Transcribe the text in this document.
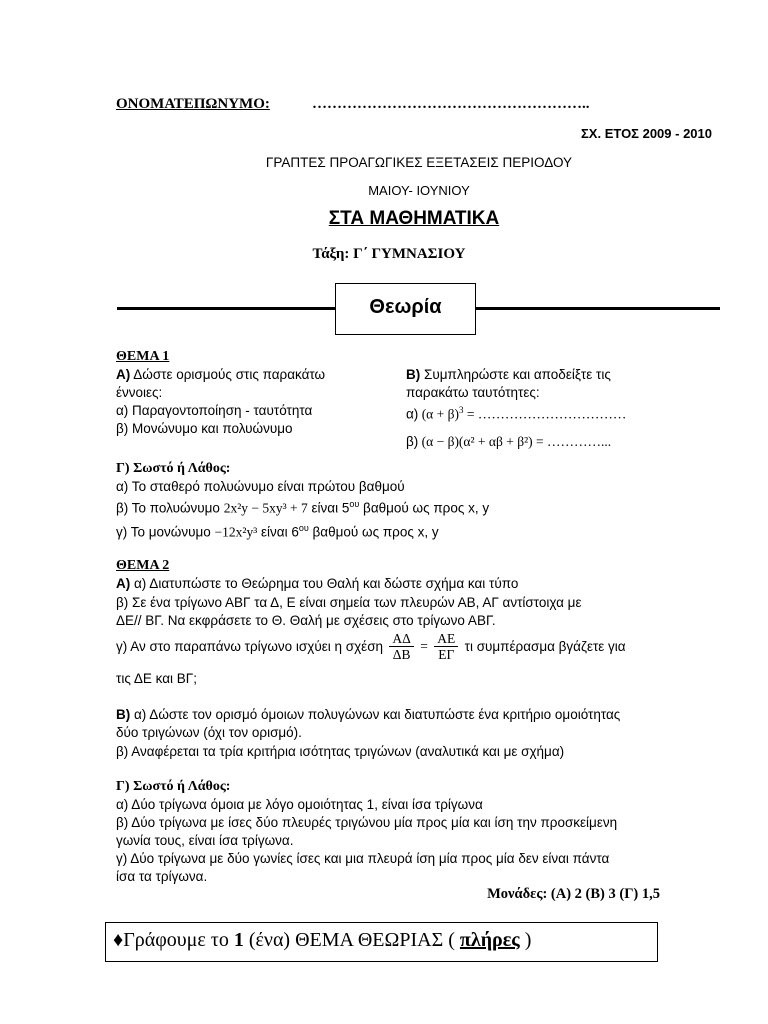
ΟΝΟΜΑΤΕΠΩΝΥΜΟ:	………………………………………………..
ΣΧ. ΕΤΟΣ 2009 - 2010
ΓΡΑΠΤΕΣ ΠΡΟΑΓΩΓΙΚΕΣ ΕΞΕΤΑΣΕΙΣ ΠΕΡΙΟΔΟΥ
ΜΑΙΟΥ- ΙΟΥΝΙΟΥ
ΣΤΑ ΜΑΘΗΜΑΤΙΚΑ
Τάξη: Γ΄ ΓΥΜΝΑΣΙΟΥ
Θεωρία
ΘΕΜΑ 1
Α) Δώστε ορισμούς στις παρακάτω
έννοιες:
α) Παραγοντοποίηση - ταυτότητα
β) Μονώνυμο και πολυώνυμο
Β) Συμπληρώστε και αποδείξτε τις
παρακάτω ταυτότητες:
α) $(\alpha + \beta)^3$ = ……………………………
β) (α − β)(α² + αβ + β²) = …………...
Γ) Σωστό ή Λάθος:
α) Το σταθερό πολυώνυμο είναι πρώτου βαθμού
β) Το πολυώνυμο 2x²y − 5xy³ + 7 είναι $5^{o\upsilon}$ βαθμού ως προς x, y
γ) Το μονώνυμο −12x²y³ είναι $6^{o\upsilon}$ βαθμού ως προς x, y
ΘΕΜΑ 2
Α) α) Διατυπώστε το Θεώρημα του Θαλή και δώστε σχήμα και τύπο
β) Σε ένα τρίγωνο ΑΒΓ τα Δ, Ε είναι σημεία των πλευρών ΑΒ, ΑΓ αντίστοιχα με
ΔΕ// ΒΓ. Να εκφράσετε το Θ. Θαλή με σχέσεις στο τρίγωνο ΑΒΓ.
γ) Αν στο παραπάνω τρίγωνο ισχύει η σχέση $\frac{A\Delta}{\Delta B} = \frac{AE}{E\Gamma}$ τι συμπέρασμα βγάζετε για
τις ΔΕ και ΒΓ;
Β) α) Δώστε τον ορισμό όμοιων πολυγώνων και διατυπώστε ένα κριτήριο ομοιότητας
δύο τριγώνων (όχι τον ορισμό).
β) Αναφέρεται τα τρία κριτήρια ισότητας τριγώνων (αναλυτικά και με σχήμα)
Γ) Σωστό ή Λάθος:
α) Δύο τρίγωνα όμοια με λόγο ομοιότητας 1, είναι ίσα τρίγωνα
β) Δύο τρίγωνα με ίσες δύο πλευρές τριγώνου μία προς μία και ίση την προσκείμενη
γωνία τους, είναι ίσα τρίγωνα.
γ) Δύο τρίγωνα με δύο γωνίες ίσες και μια πλευρά ίση μία προς μία δεν είναι πάντα
ίσα τα τρίγωνα.
Μονάδες: (Α) 2 (Β) 3 (Γ) 1,5
♦Γράφουμε το 1 (ένα) ΘΕΜΑ ΘΕΩΡΙΑΣ ( πλήρες )
